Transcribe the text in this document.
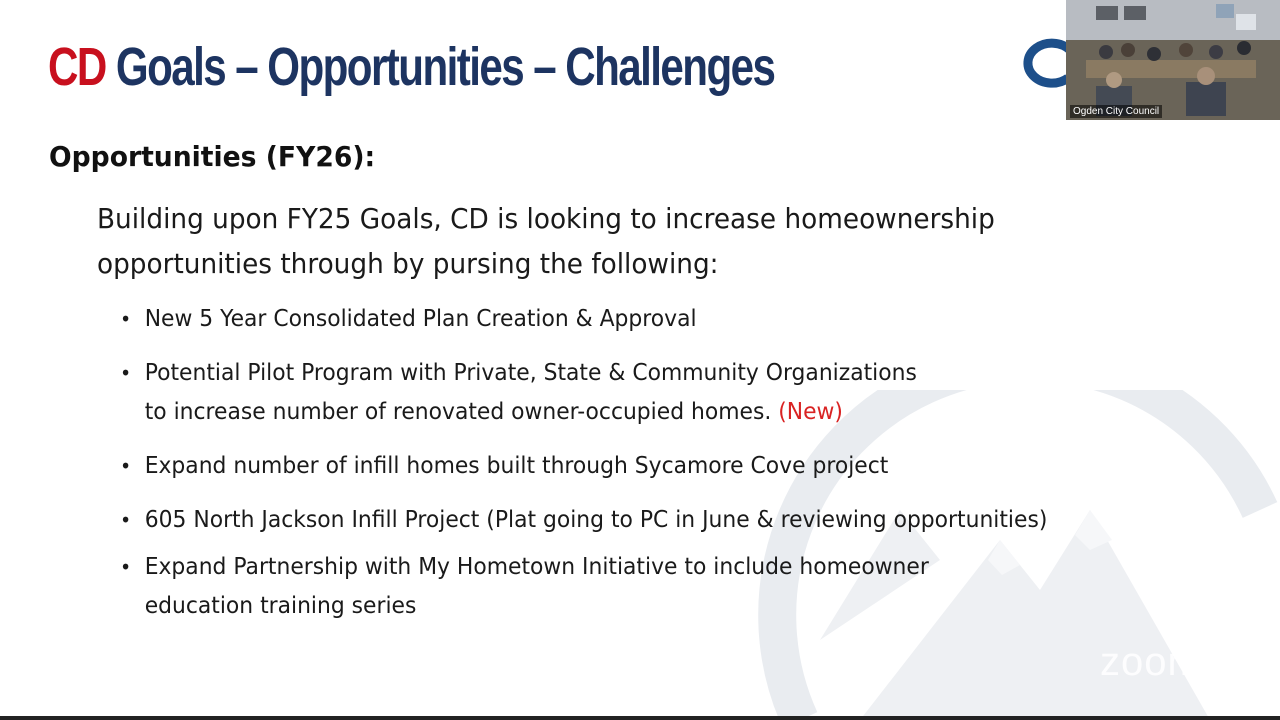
CD Goals – Opportunities – Challenges
Opportunities (FY26):
Building upon FY25 Goals, CD is looking to increase homeownership
opportunities through by pursing the following:
• New 5 Year Consolidated Plan Creation & Approval
• Potential Pilot Program with Private, State & Community Organizations
to increase number of renovated owner-occupied homes. (New)
• Expand number of infill homes built through Sycamore Cove project
• 605 North Jackson Infill Project (Plat going to PC in June & reviewing opportunities)
• Expand Partnership with My Hometown Initiative to include homeowner
education training series
zoom
Ogden City Council
